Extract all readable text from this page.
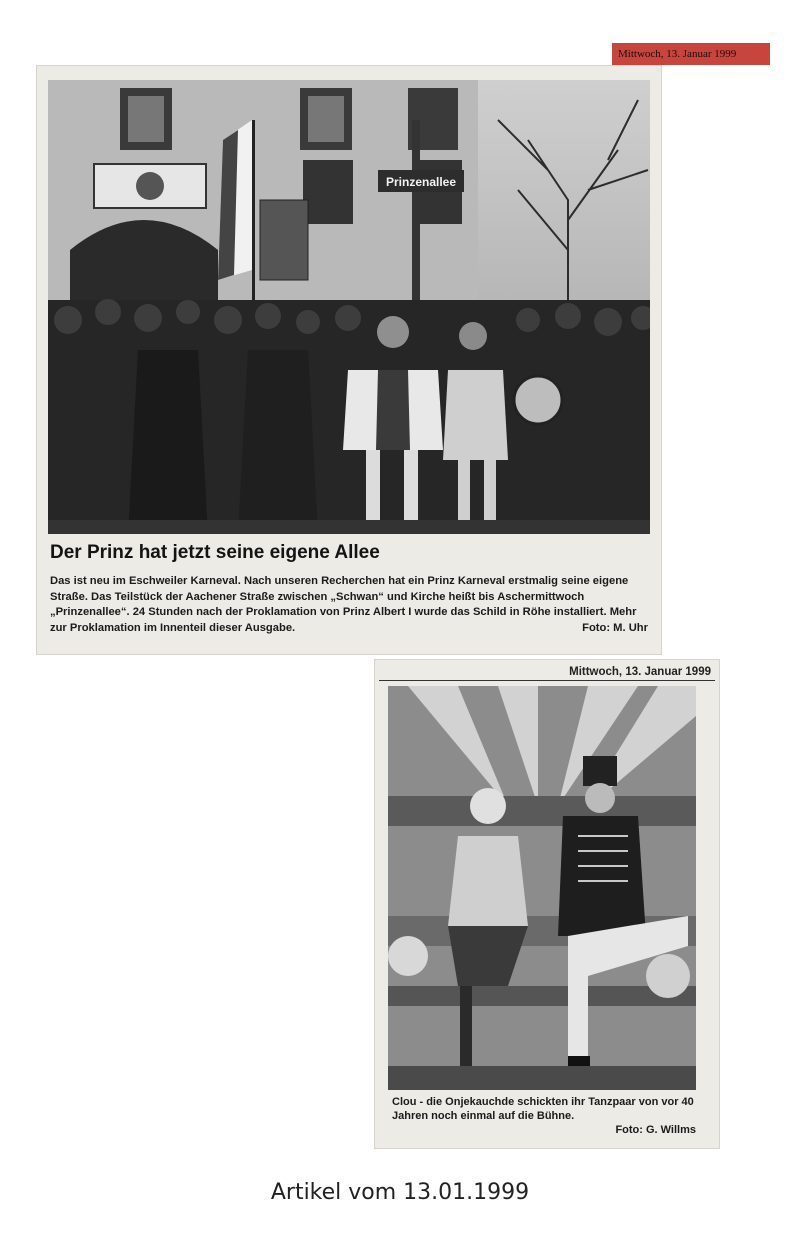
Mittwoch, 13. Januar 1999
Prinzenallee
Der Prinz hat jetzt seine eigene Allee
Das ist neu im Eschweiler Karneval. Nach unseren Recherchen hat ein Prinz Karneval erstmalig seine eigene Straße. Das Teilstück der Aachener Straße zwischen „Schwan“ und Kirche heißt bis Aschermittwoch „Prinzenallee“. 24 Stunden nach der Proklamation von Prinz Albert I wurde das Schild in Röhe installiert. Mehr zur Proklamation im Innenteil dieser Ausgabe.	Foto: M. Uhr
Mittwoch, 13. Januar 1999
Clou - die Onjekauchde schickten ihr Tanzpaar von vor 40 Jahren noch einmal auf die Bühne.
Foto: G. Willms
Artikel vom 13.01.1999
